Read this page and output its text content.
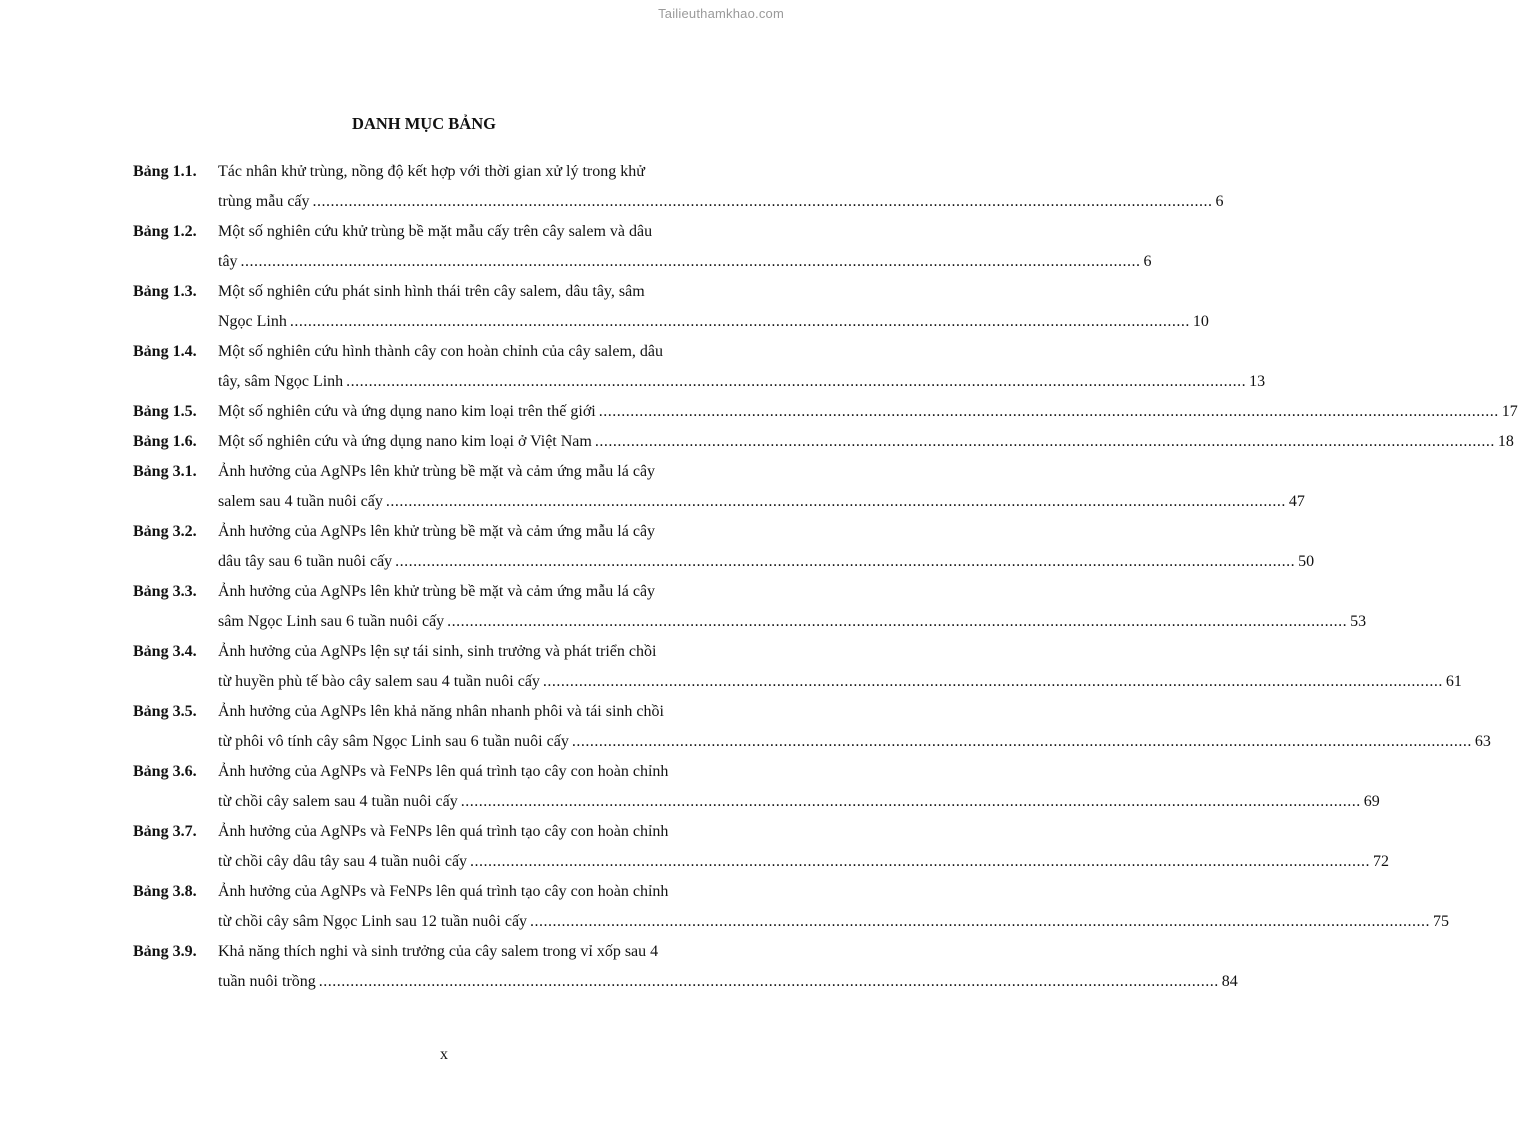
Tailieuthamkhao.com
DANH MỤC BẢNG
Bảng 1.1.	Tác nhân khử trùng, nồng độ kết hợp với thời gian xử lý trong khử
trùng mẫu cấy .....	6
Bảng 1.2.	Một số nghiên cứu khử trùng bề mặt mẫu cấy trên cây salem và dâu
tây .....	6
Bảng 1.3.	Một số nghiên cứu phát sinh hình thái trên cây salem, dâu tây, sâm
Ngọc Linh .....	10
Bảng 1.4.	Một số nghiên cứu hình thành cây con hoàn chỉnh của cây salem, dâu
tây, sâm Ngọc Linh .....	13
Bảng 1.5.	Một số nghiên cứu và ứng dụng nano kim loại trên thế giới .....	17
Bảng 1.6.	Một số nghiên cứu và ứng dụng nano kim loại ở Việt Nam .....	18
Bảng 3.1.	Ảnh hưởng của AgNPs lên khử trùng bề mặt và cảm ứng mẫu lá cây
salem sau 4 tuần nuôi cấy .....	47
Bảng 3.2.	Ảnh hưởng của AgNPs lên khử trùng bề mặt và cảm ứng mẫu lá cây
dâu tây sau 6 tuần nuôi cấy .....	50
Bảng 3.3.	Ảnh hưởng của AgNPs lên khử trùng bề mặt và cảm ứng mẫu lá cây
sâm Ngọc Linh sau 6 tuần nuôi cấy .....	53
Bảng 3.4.	Ảnh hưởng của AgNPs lện sự tái sinh, sinh trưởng và phát triển chồi
từ huyền phù tế bào cây salem sau 4 tuần nuôi cấy .....	61
Bảng 3.5.	Ảnh hưởng của AgNPs lên khả năng nhân nhanh phôi và tái sinh chồi
từ phôi vô tính cây sâm Ngọc Linh sau 6 tuần nuôi cấy .....	63
Bảng 3.6.	Ảnh hưởng của AgNPs và FeNPs lên quá trình tạo cây con hoàn chỉnh
từ chồi cây salem sau 4 tuần nuôi cấy .....	69
Bảng 3.7.	Ảnh hưởng của AgNPs và FeNPs lên quá trình tạo cây con hoàn chỉnh
từ chồi cây dâu tây sau 4 tuần nuôi cấy .....	72
Bảng 3.8.	Ảnh hưởng của AgNPs và FeNPs lên quá trình tạo cây con hoàn chỉnh
từ chồi cây sâm Ngọc Linh sau 12 tuần nuôi cấy .....	75
Bảng 3.9.	Khả năng thích nghi và sinh trưởng của cây salem trong vỉ xốp sau 4
tuần nuôi trồng .....	84
x
